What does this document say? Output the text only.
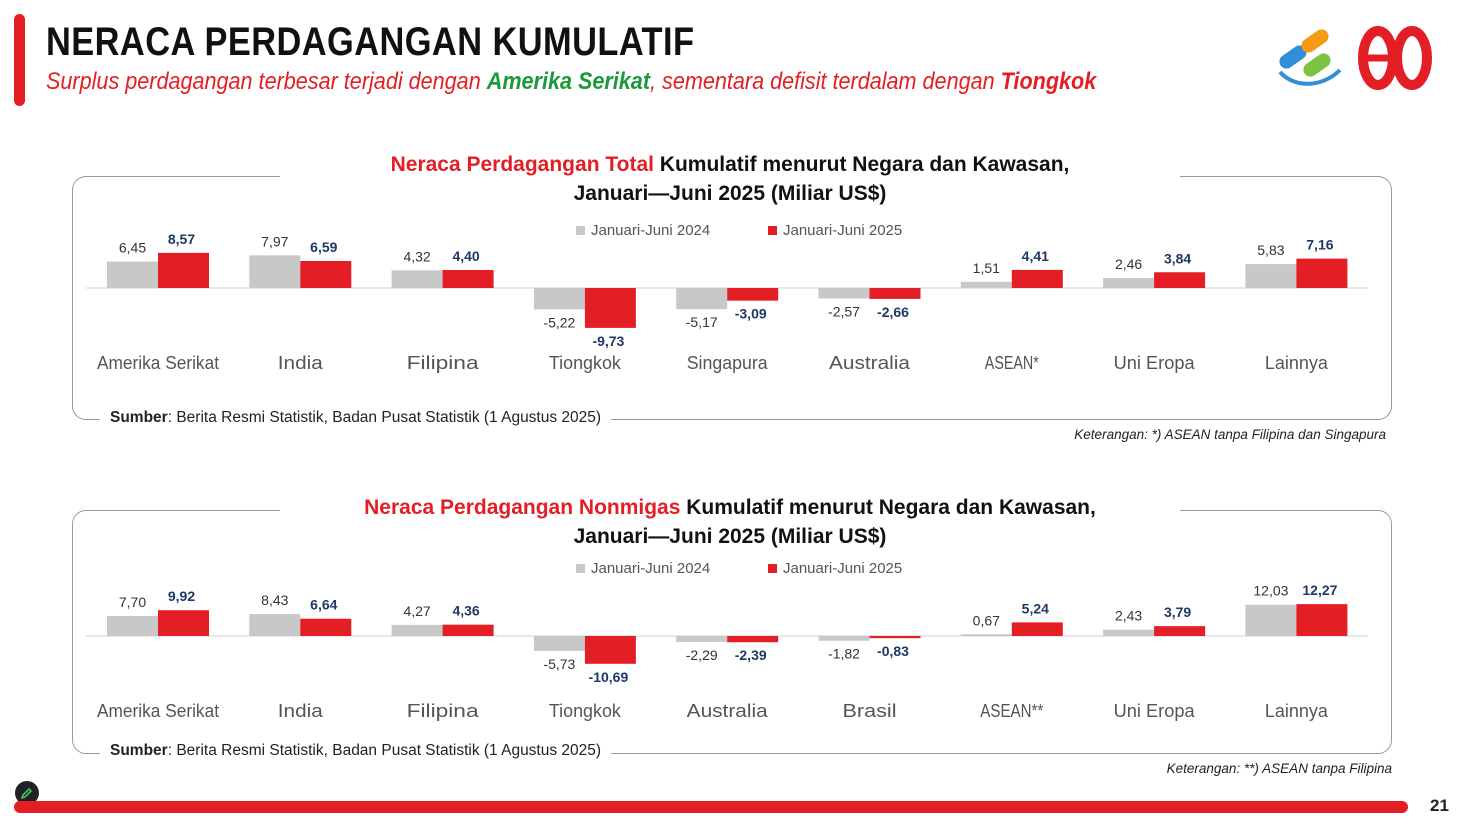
NERACA PERDAGANGAN KUMULATIF
Surplus perdagangan terbesar terjadi dengan Amerika Serikat, sementara defisit terdalam dengan Tiongkok
Neraca Perdagangan Total Kumulatif menurut Negara dan Kawasan,
Januari—Juni 2025 (Miliar US$)
Neraca Perdagangan Nonmigas Kumulatif menurut Negara dan Kawasan,
Januari—Juni 2025 (Miliar US$)
Januari-Juni 2024	Januari-Juni 2025
Januari-Juni 2024	Januari-Juni 2025
Amerika Serikat
6,45
8,57
India
7,97 6,59
Filipina
4,32 4,40
Tiongkok
-5,22
-9,73
Singapura
-5,17
-3,09
Australia
-2,57 -2,66
ASEAN*
1,51
4,41
Uni Eropa
2,46 3,84
Lainnya
5,83 7,16
Amerika Serikat
7,70 9,92
India
8,43 6,64
Filipina
4,27 4,36
Tiongkok
-5,73
-10,69
Australia
-2,29 -2,39
Brasil
-1,82 -0,83
ASEAN**
0,67
5,24
Uni Eropa
2,43 3,79
Lainnya
12,03 12,27
Sumber: Berita Resmi Statistik, Badan Pusat Statistik (1 Agustus 2025)
Sumber: Berita Resmi Statistik, Badan Pusat Statistik (1 Agustus 2025)
Keterangan: *) ASEAN tanpa Filipina dan Singapura
Keterangan: **) ASEAN tanpa Filipina
21
